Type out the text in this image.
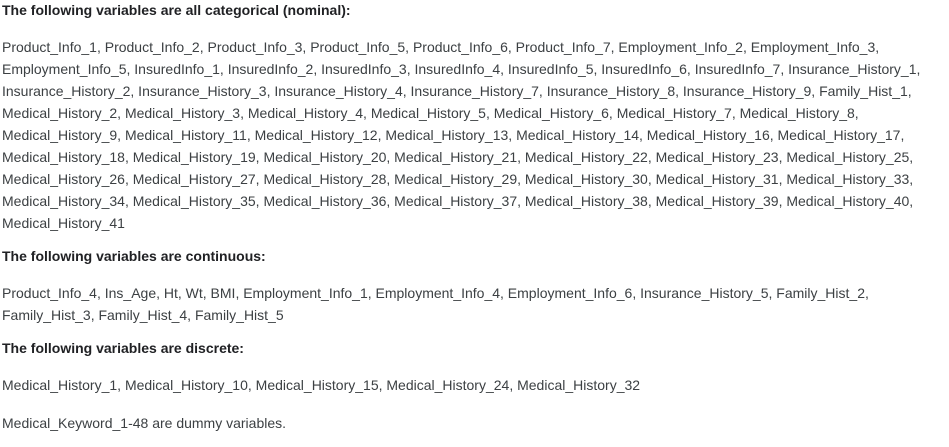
The following variables are all categorical (nominal):

Product_Info_1, Product_Info_2, Product_Info_3, Product_Info_5, Product_Info_6, Product_Info_7, Employment_Info_2, Employment_Info_3, Employment_Info_5, InsuredInfo_1, InsuredInfo_2, InsuredInfo_3, InsuredInfo_4, InsuredInfo_5, InsuredInfo_6, InsuredInfo_7, Insurance_History_1, Insurance_History_2, Insurance_History_3, Insurance_History_4, Insurance_History_7, Insurance_History_8, Insurance_History_9, Family_Hist_1, Medical_History_2, Medical_History_3, Medical_History_4, Medical_History_5, Medical_History_6, Medical_History_7, Medical_History_8, Medical_History_9, Medical_History_11, Medical_History_12, Medical_History_13, Medical_History_14, Medical_History_16, Medical_History_17, Medical_History_18, Medical_History_19, Medical_History_20, Medical_History_21, Medical_History_22, Medical_History_23, Medical_History_25, Medical_History_26, Medical_History_27, Medical_History_28, Medical_History_29, Medical_History_30, Medical_History_31, Medical_History_33, Medical_History_34, Medical_History_35, Medical_History_36, Medical_History_37, Medical_History_38, Medical_History_39, Medical_History_40, Medical_History_41

The following variables are continuous:

Product_Info_4, Ins_Age, Ht, Wt, BMI, Employment_Info_1, Employment_Info_4, Employment_Info_6, Insurance_History_5, Family_Hist_2, Family_Hist_3, Family_Hist_4, Family_Hist_5

The following variables are discrete:

Medical_History_1, Medical_History_10, Medical_History_15, Medical_History_24, Medical_History_32

Medical_Keyword_1-48 are dummy variables.
